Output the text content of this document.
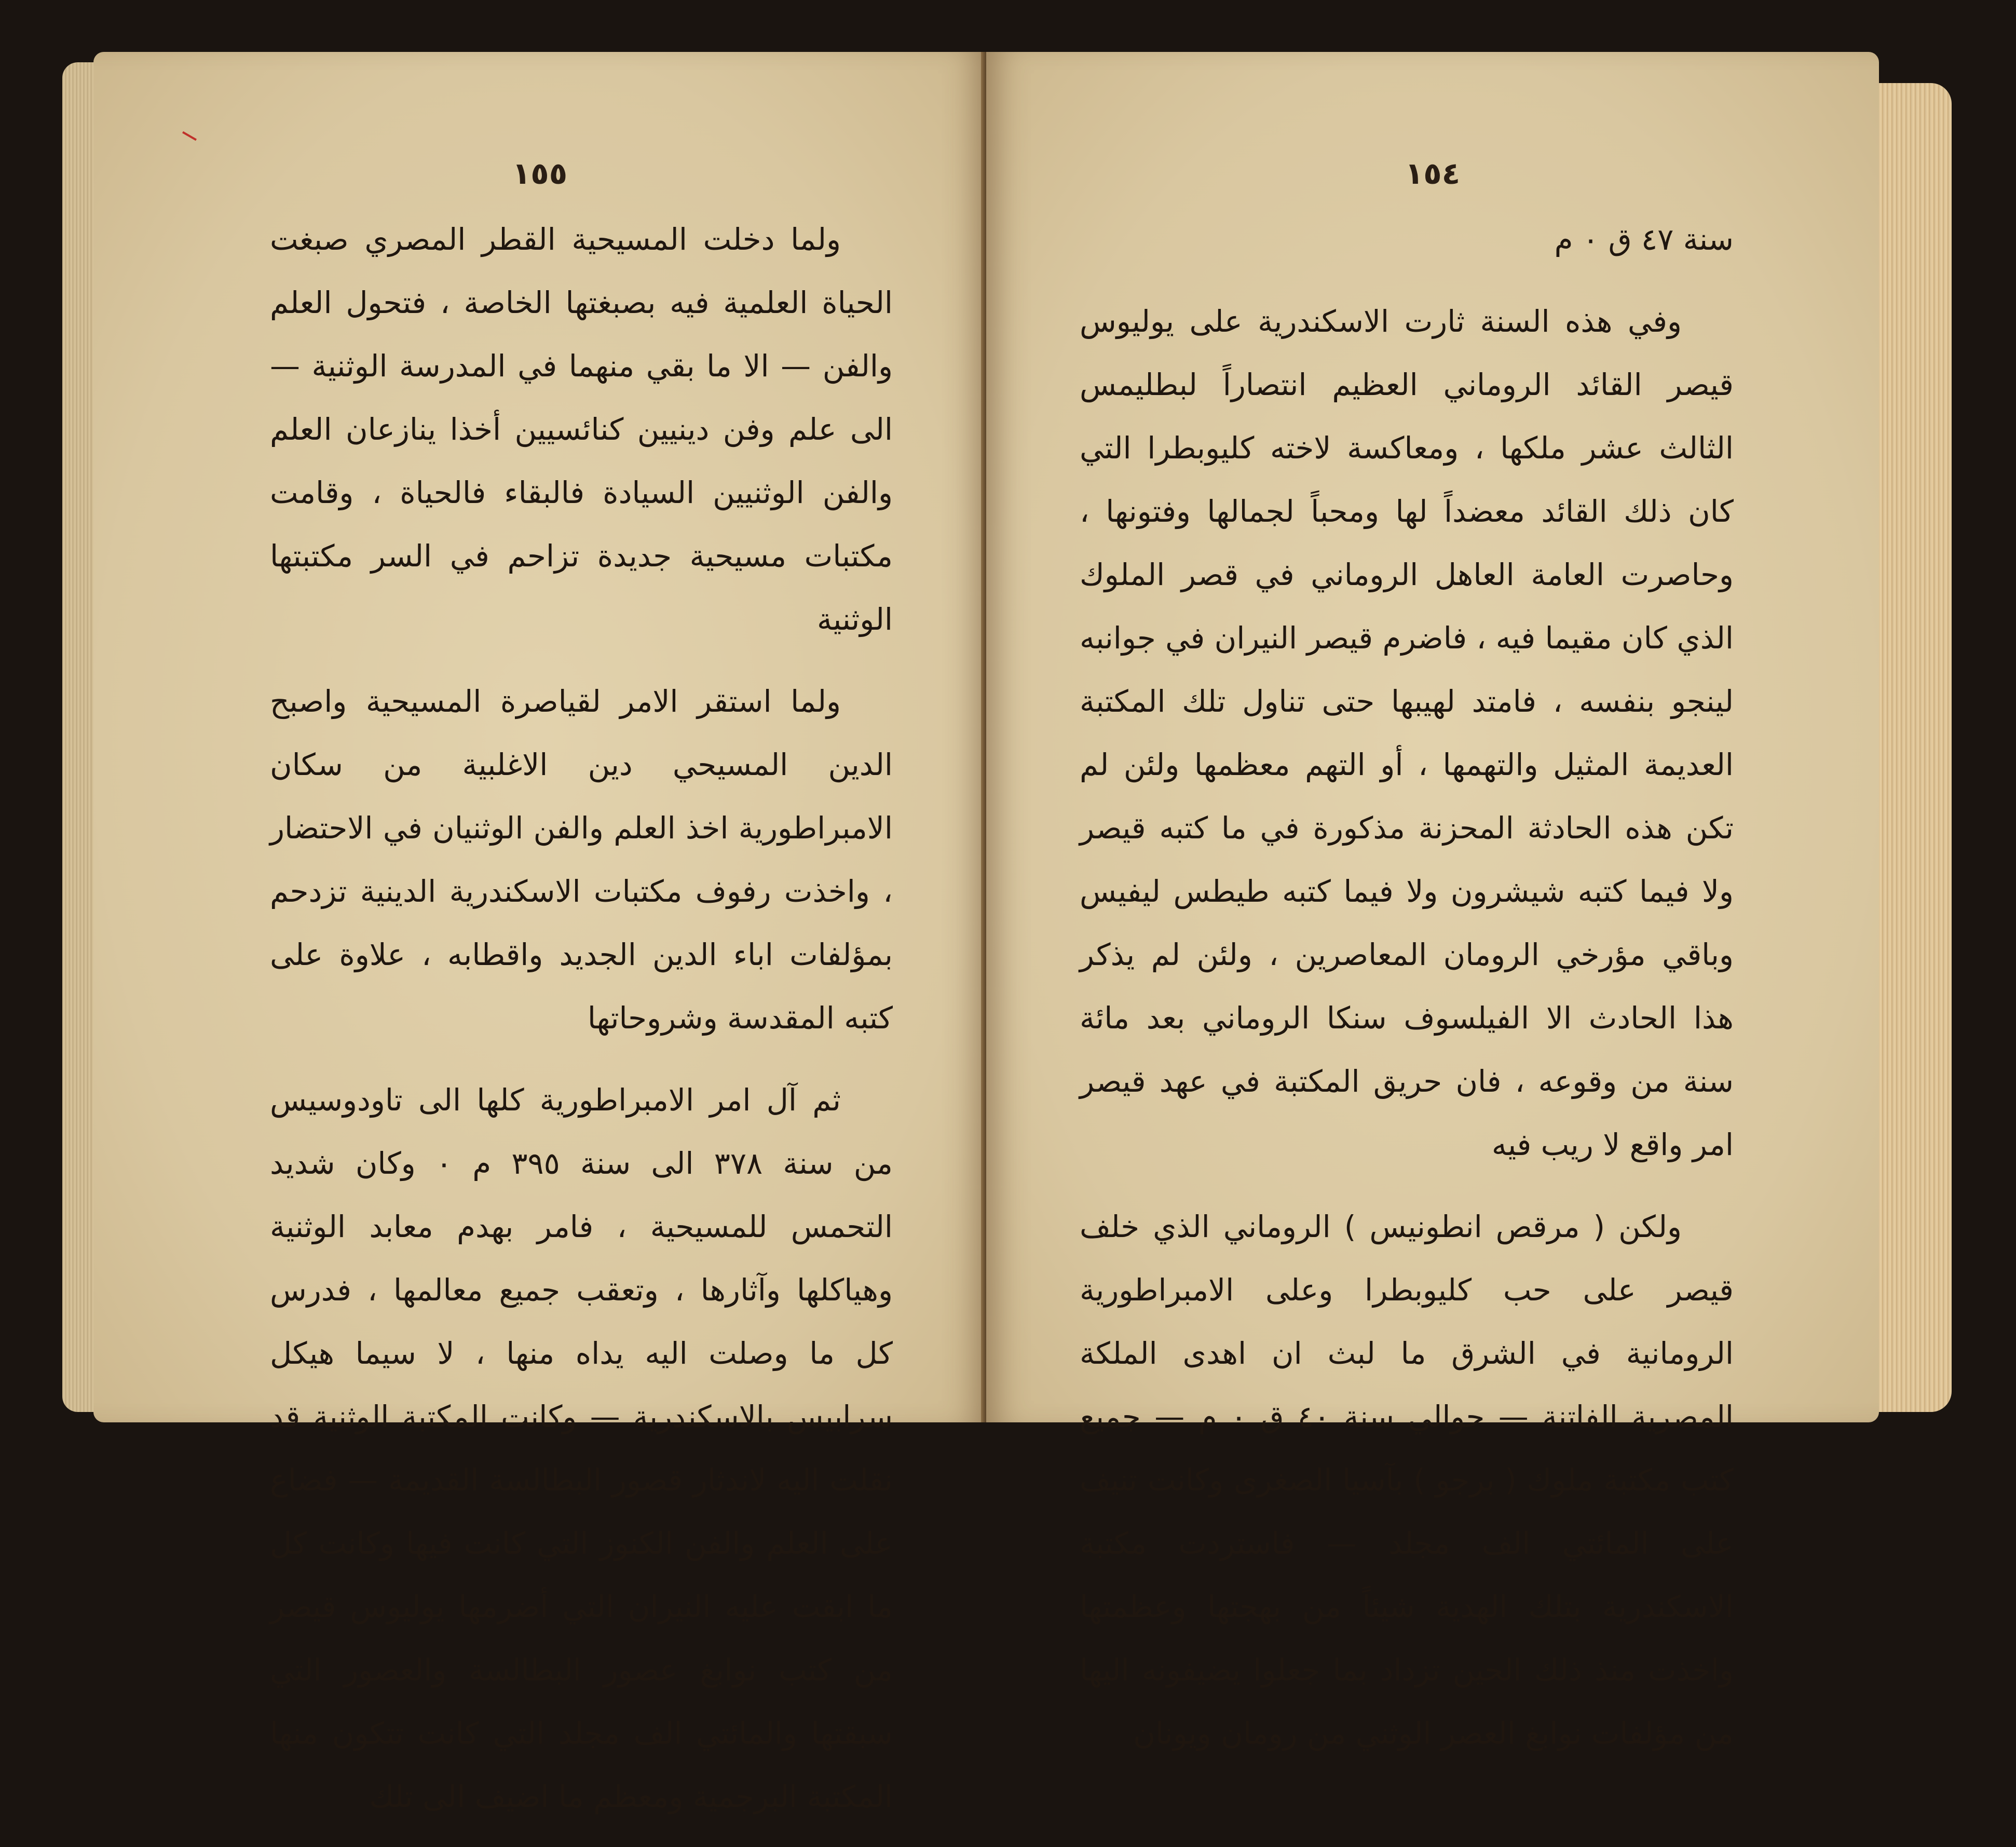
١٥٥

ولما دخلت المسيحية القطر المصري صبغت الحياة العلمية فيه بصبغتها الخاصة ، فتحول العلم والفن — الا ما بقي منهما في المدرسة الوثنية — الى علم وفن دينيين كنائسيين أخذا ينازعان العلم والفن الوثنيين السيادة فالبقاء فالحياة ، وقامت مكتبات مسيحية جديدة تزاحم في السر مكتبتها الوثنية

ولما استقر الامر لقياصرة المسيحية واصبح الدين المسيحي دين الاغلبية من سكان الامبراطورية اخذ العلم والفن الوثنيان في الاحتضار ، واخذت رفوف مكتبات الاسكندرية الدينية تزدحم بمؤلفات اباء الدين الجديد واقطابه ، علاوة على كتبه المقدسة وشروحاتها

ثم آل امر الامبراطورية كلها الى تاودوسيس من سنة ٣٧٨ الى سنة ٣٩٥ م ٠ وكان شديد التحمس للمسيحية ، فامر بهدم معابد الوثنية وهياكلها وآثارها ، وتعقب جميع معالمها ، فدرس كل ما وصلت اليه يداه منها ، لا سيما هيكل سرابيس بالاسكندرية — وكانت المكتبة الوثنية قد نقلت اليه لاندثار قصور البطالسة القديمة — فضاع على العلم والفن الكنوز التي كانت فيها وكانت كل ما ابقت عليه النيران التي أضرمها يوليوس قيصر من كتب نوابغ عصور البطالسة والعصور التي سبقتها والمائتي الف مجلد التي كانت تتكون منها المكتبة البرجمية ومعظم ما اضيف الى تلك

١٥٤

سنة ٤٧ ق ٠ م

وفي هذه السنة ثارت الاسكندرية على يوليوس قيصر القائد الروماني العظيم انتصاراً لبطليمس الثالث عشر ملكها ، ومعاكسة لاخته كليوبطرا التي كان ذلك القائد معضداً لها ومحباً لجمالها وفتونها ، وحاصرت العامة العاهل الروماني في قصر الملوك الذي كان مقيما فيه ، فاضرم قيصر النيران في جوانبه لينجو بنفسه ، فامتد لهيبها حتى تناول تلك المكتبة العديمة المثيل والتهمها ، أو التهم معظمها ولئن لم تكن هذه الحادثة المحزنة مذكورة في ما كتبه قيصر ولا فيما كتبه شيشرون ولا فيما كتبه طيطس ليفيس وباقي مؤرخي الرومان المعاصرين ، ولئن لم يذكر هذا الحادث الا الفيلسوف سنكا الروماني بعد مائة سنة من وقوعه ، فان حريق المكتبة في عهد قيصر امر واقع لا ريب فيه

ولكن ( مرقص انطونيس ) الروماني الذي خلف قيصر على حب كليوبطرا وعلى الامبراطورية الرومانية في الشرق ما لبث ان اهدى الملكة المصرية الفاتنة — حوالي سنة ٤٠ ق ٠ م — جميع كتب مكتبة ملوك ( برجو ) بآسيا الصغرى وكانت تنيف على المائتي الف مجلد — فاستردت مكتبة الاسكندرية بتلك الهدية شيئاً من بهجتها وعظمتها واخذت منذ ذلك الحين تزداد بما جعلوا يضيفونه اليها من مؤلفات نوابغ العصر الوثني من رومان ويونان
